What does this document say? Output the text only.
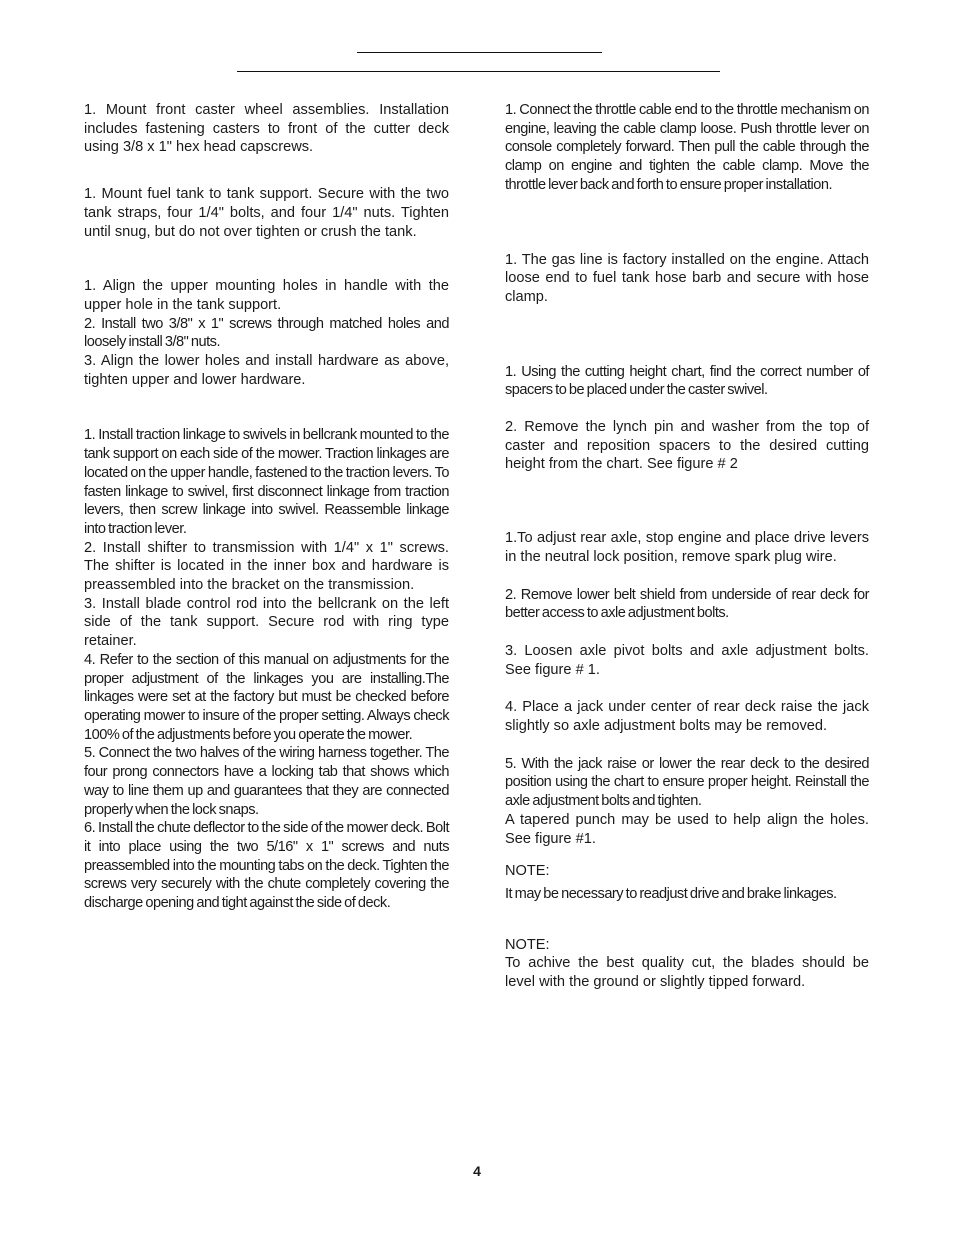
1. Mount front caster wheel assemblies. Installation includes fastening casters to front of the cutter deck using 3/8 x 1" hex head capscrews.

1. Mount fuel tank to tank support. Secure with the two tank straps, four 1/4" bolts, and four 1/4" nuts. Tighten until snug, but do not over tighten or crush the tank.

1. Align the upper mounting holes in handle with the upper hole in the tank support.

2. Install two 3/8" x 1" screws through matched holes and loosely install 3/8" nuts.

3. Align the lower holes and install hardware as above, tighten upper and lower hardware.

1. Install traction linkage to swivels in bellcrank mounted to the tank support on each side of the mower. Traction linkages are located on the upper handle, fastened to the traction levers. To fasten linkage to swivel, first disconnect linkage from traction levers, then screw linkage into swivel. Reassemble linkage into traction lever.

2. Install shifter to transmission with 1/4" x 1" screws. The shifter is located in the inner box and hardware is preassembled into the bracket on the transmission.

3. Install blade control rod into the bellcrank on the left side of the tank support. Secure rod with ring type retainer.

4. Refer to the section of this manual on adjustments for the proper adjustment of the linkages you are installing.The linkages were set at the factory but must be checked before operating mower to insure of the proper setting. Always check 100% of the adjustments before you operate the mower.

5. Connect the two halves of the wiring harness together. The four prong connectors have a locking tab that shows which way to line them up and guarantees that they are connected properly when the lock snaps.

6. Install the chute deflector to the side of the mower deck. Bolt it into place using the two 5/16" x 1" screws and nuts preassembled into the mounting tabs on the deck. Tighten the screws very securely with the chute completely covering the discharge opening and tight against the side of deck.

1. Connect the throttle cable end to the throttle mechanism on engine, leaving the cable clamp loose. Push throttle lever on console completely forward. Then pull the cable through the clamp on engine and tighten the cable clamp. Move the throttle lever back and forth to ensure proper installation.

1. The gas line is factory installed on the engine. Attach loose end to fuel tank hose barb and secure with hose clamp.

1. Using the cutting height chart, find the correct number of spacers to be placed under the caster swivel.

2. Remove the lynch pin and washer from the top of caster and reposition spacers to the desired cutting height from the chart. See figure # 2

1.To adjust rear axle, stop engine and place drive levers in the neutral lock position, remove spark plug wire.

2. Remove lower belt shield from underside of rear deck for better access to axle adjustment bolts.

3. Loosen axle pivot bolts and axle adjustment bolts. See figure # 1.

4. Place a jack under center of rear deck raise the jack slightly so axle adjustment bolts may be removed.

5. With the jack raise or lower the rear deck to the desired position using the chart to ensure proper height. Reinstall the axle adjustment bolts and tighten.

A tapered punch may be used to help align the holes. See figure #1.

NOTE:

It may be necessary to readjust drive and brake linkages.

NOTE:

To achive the best quality cut, the blades should be level with the ground or slightly tipped forward.

4
